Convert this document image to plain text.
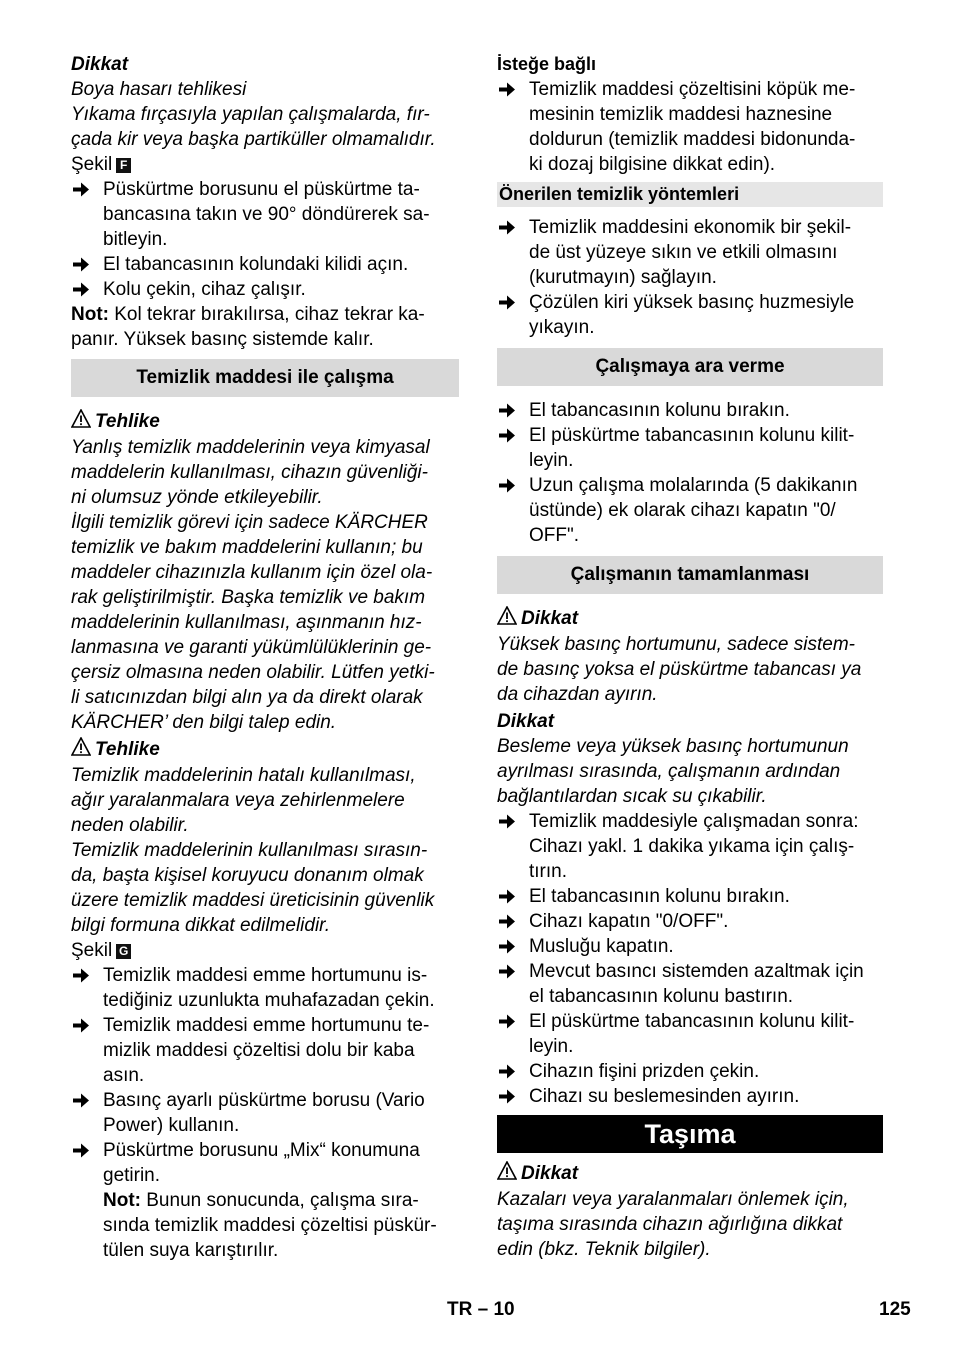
Dikkat
Boya hasarı tehlikesi
Yıkama fırçasıyla yapılan çalışmalarda, fır-
çada kir veya başka partiküller olmamalıdır.
Şekil F
Püskürtme borusunu el püskürtme ta-
bancasına takın ve 90° döndürerek sa-
bitleyin.
El tabancasının kolundaki kilidi açın.
Kolu çekin, cihaz çalışır.
Not: Kol tekrar bırakılırsa, cihaz tekrar ka-
panır. Yüksek basınç sistemde kalır.
Temizlik maddesi ile çalışma
Tehlike
Yanlış temizlik maddelerinin veya kimyasal
maddelerin kullanılması, cihazın güvenliği-
ni olumsuz yönde etkileyebilir.
İlgili temizlik görevi için sadece KÄRCHER
temizlik ve bakım maddelerini kullanın; bu
maddeler cihazınızla kullanım için özel ola-
rak geliştirilmiştir. Başka temizlik ve bakım
maddelerinin kullanılması, aşınmanın hız-
lanmasına ve garanti yükümlülüklerinin ge-
çersiz olmasına neden olabilir. Lütfen yetki-
li satıcınızdan bilgi alın ya da direkt olarak
KÄRCHER’ den bilgi talep edin.
Tehlike
Temizlik maddelerinin hatalı kullanılması,
ağır yaralanmalara veya zehirlenmelere
neden olabilir.
Temizlik maddelerinin kullanılması sırasın-
da, başta kişisel koruyucu donanım olmak
üzere temizlik maddesi üreticisinin güvenlik
bilgi formuna dikkat edilmelidir.
Şekil G
Temizlik maddesi emme hortumunu is-
tediğiniz uzunlukta muhafazadan çekin.
Temizlik maddesi emme hortumunu te-
mizlik maddesi çözeltisi dolu bir kaba
asın.
Basınç ayarlı püskürtme borusu (Vario
Power) kullanın.
Püskürtme borusunu „Mix“ konumuna
getirin.
Not: Bunun sonucunda, çalışma sıra-
sında temizlik maddesi çözeltisi püskür-
tülen suya karıştırılır.
İsteğe bağlı
Temizlik maddesi çözeltisini köpük me-
mesinin temizlik maddesi haznesine
doldurun (temizlik maddesi bidonunda-
ki dozaj bilgisine dikkat edin).
Önerilen temizlik yöntemleri
Temizlik maddesini ekonomik bir şekil-
de üst yüzeye sıkın ve etkili olmasını
(kurutmayın) sağlayın.
Çözülen kiri yüksek basınç huzmesiyle
yıkayın.
Çalışmaya ara verme
El tabancasının kolunu bırakın.
El püskürtme tabancasının kolunu kilit-
leyin.
Uzun çalışma molalarında (5 dakikanın
üstünde) ek olarak cihazı kapatın "0/
OFF".
Çalışmanın tamamlanması
Dikkat
Yüksek basınç hortumunu, sadece sistem-
de basınç yoksa el püskürtme tabancası ya
da cihazdan ayırın.
Dikkat
Besleme veya yüksek basınç hortumunun
ayrılması sırasında, çalışmanın ardından
bağlantılardan sıcak su çıkabilir.
Temizlik maddesiyle çalışmadan sonra:
Cihazı yakl. 1 dakika yıkama için çalış-
tırın.
El tabancasının kolunu bırakın.
Cihazı kapatın "0/OFF".
Musluğu kapatın.
Mevcut basıncı sistemden azaltmak için
el tabancasının kolunu bastırın.
El püskürtme tabancasının kolunu kilit-
leyin.
Cihazın fişini prizden çekin.
Cihazı su beslemesinden ayırın.
Taşıma
Dikkat
Kazaları veya yaralanmaları önlemek için,
taşıma sırasında cihazın ağırlığına dikkat
edin (bkz. Teknik bilgiler).
TR – 10	125
